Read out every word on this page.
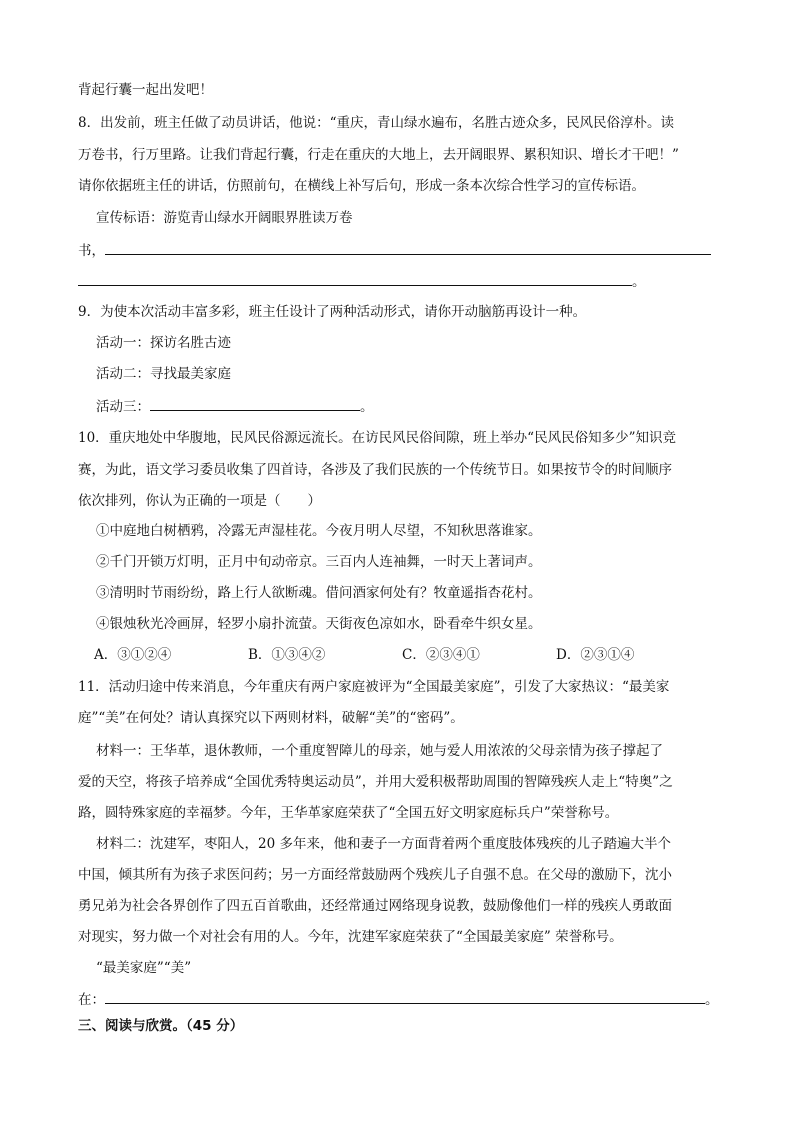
背起行囊一起出发吧！
8．出发前，班主任做了动员讲话，他说：“重庆，青山绿水遍布，名胜古迹众多，民风民俗淳朴。读
万卷书，行万里路。让我们背起行囊，行走在重庆的大地上，去开阔眼界、累积知识、增长才干吧！”
请你依据班主任的讲话，仿照前句，在横线上补写后句，形成一条本次综合性学习的宣传标语。
宣传标语：游览青山绿水开阔眼界胜读万卷
书，
。
9．为使本次活动丰富多彩，班主任设计了两种活动形式，请你开动脑筋再设计一种。
活动一：探访名胜古迹
活动二：寻找最美家庭
活动三：	。
10．重庆地处中华腹地，民风民俗源远流长。在访民风民俗间隙，班上举办“民风民俗知多少”知识竞
赛，为此，语文学习委员收集了四首诗，各涉及了我们民族的一个传统节日。如果按节令的时间顺序
依次排列，你认为正确的一项是（　　）
①中庭地白树栖鸦，冷露无声湿桂花。今夜月明人尽望，不知秋思落谁家。
②千门开锁万灯明，正月中旬动帝京。三百内人连袖舞，一时天上著词声。
③清明时节雨纷纷，路上行人欲断魂。借问酒家何处有？牧童遥指杏花村。
④银烛秋光冷画屏，轻罗小扇扑流萤。天街夜色凉如水，卧看牵牛织女星。
A．③①②④	B．①③④②	C．②③④①	D．②③①④
11．活动归途中传来消息，今年重庆有两户家庭被评为“全国最美家庭”，引发了大家热议：“最美家
庭”“美”在何处？请认真探究以下两则材料，破解“美”的“密码”。
材料一：王华革，退休教师，一个重度智障儿的母亲，她与爱人用浓浓的父母亲情为孩子撑起了
爱的天空，将孩子培养成“全国优秀特奥运动员”，并用大爱积极帮助周围的智障残疾人走上“特奥”之
路，圆特殊家庭的幸福梦。今年，王华革家庭荣获了“全国五好文明家庭标兵户”荣誉称号。
材料二：沈建军，枣阳人，20 多年来，他和妻子一方面背着两个重度肢体残疾的儿子踏遍大半个
中国，倾其所有为孩子求医问药；另一方面经常鼓励两个残疾儿子自强不息。在父母的激励下，沈小
勇兄弟为社会各界创作了四五百首歌曲，还经常通过网络现身说教，鼓励像他们一样的残疾人勇敢面
对现实，努力做一个对社会有用的人。今年，沈建军家庭荣获了“全国最美家庭” 荣誉称号。
“最美家庭”“美”
在：	。
三、阅读与欣赏。（45 分）
